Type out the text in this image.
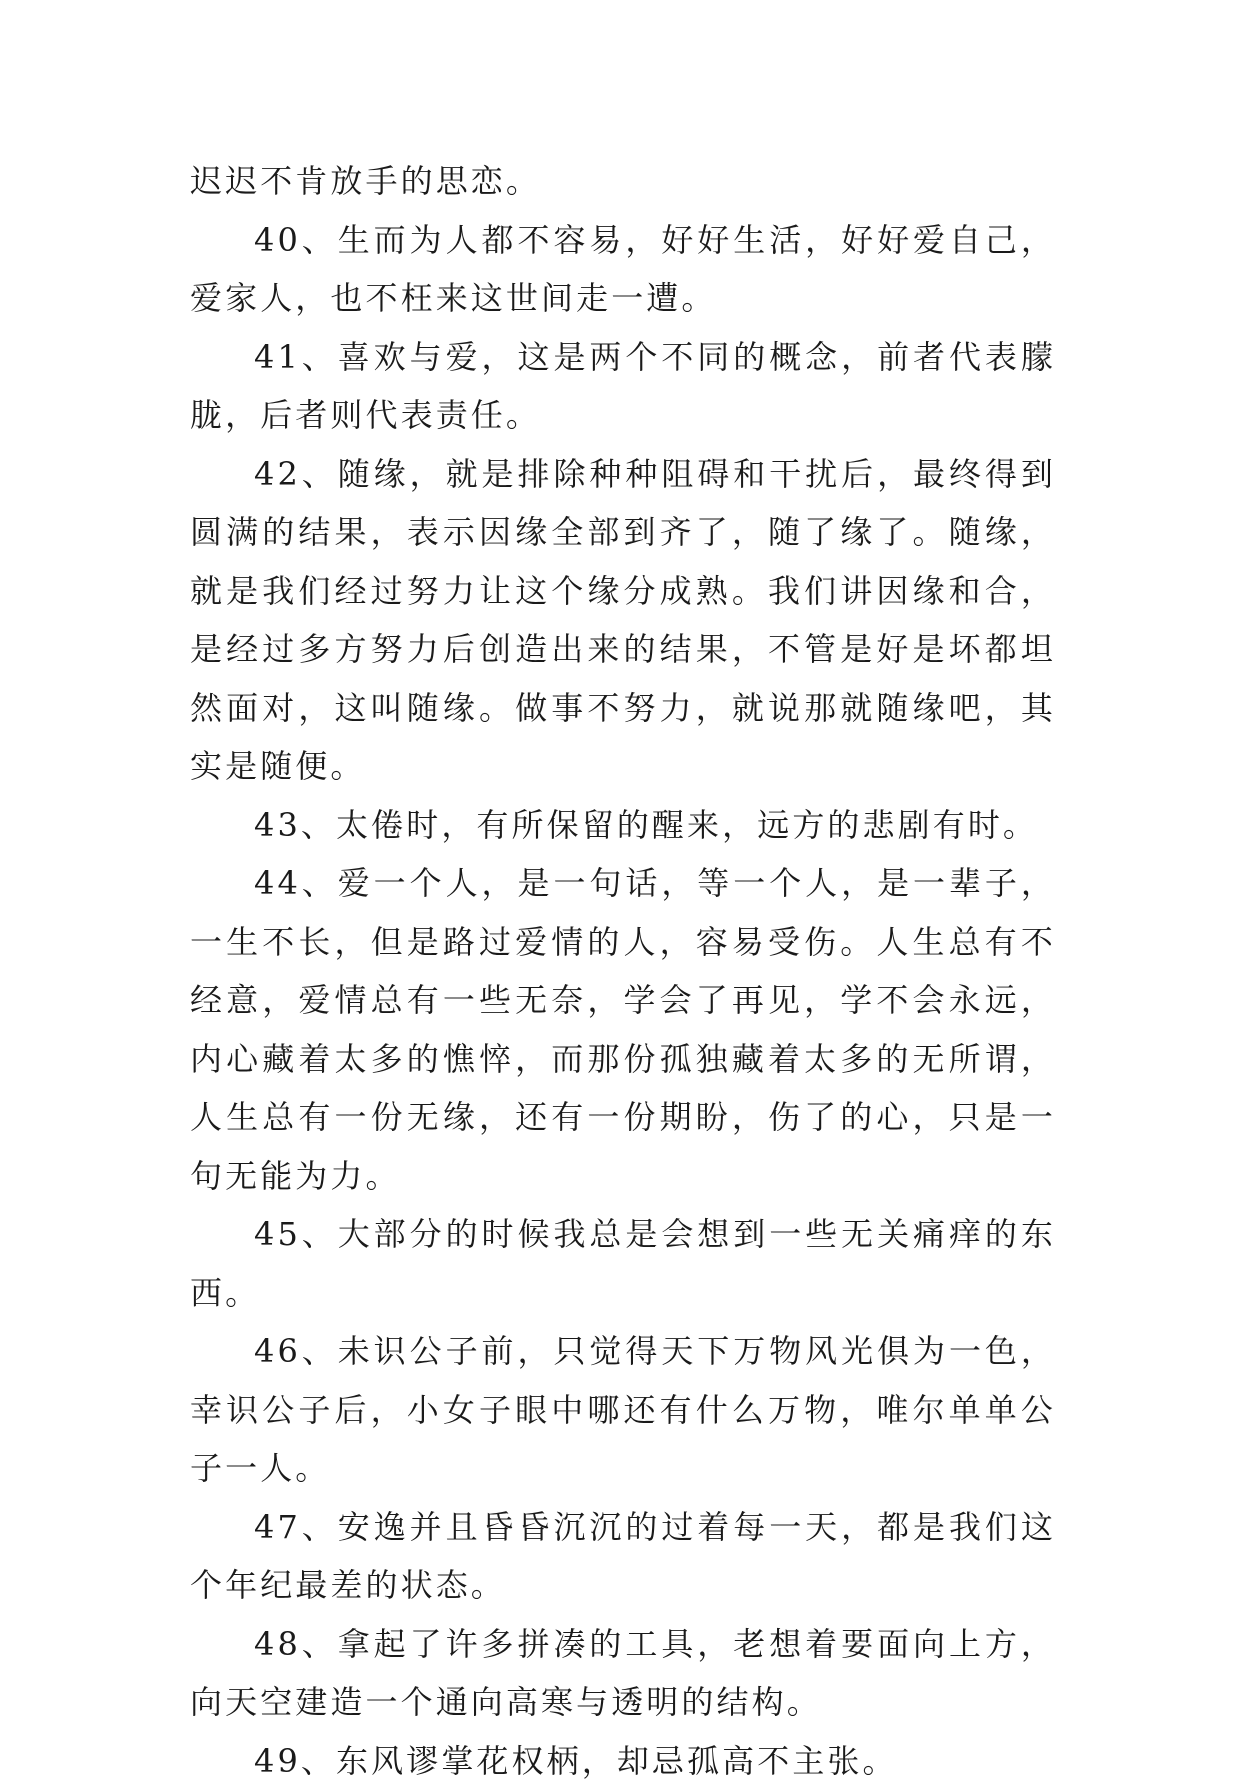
迟迟不肯放手的思恋。

40、生而为人都不容易，好好生活，好好爱自己，爱家人，也不枉来这世间走一遭。

41、喜欢与爱，这是两个不同的概念，前者代表朦胧，后者则代表责任。

42、随缘，就是排除种种阻碍和干扰后，最终得到圆满的结果，表示因缘全部到齐了，随了缘了。随缘，就是我们经过努力让这个缘分成熟。我们讲因缘和合，是经过多方努力后创造出来的结果，不管是好是坏都坦然面对，这叫随缘。做事不努力，就说那就随缘吧，其实是随便。

43、太倦时，有所保留的醒来，远方的悲剧有时。

44、爱一个人，是一句话，等一个人，是一辈子，一生不长，但是路过爱情的人，容易受伤。人生总有不经意，爱情总有一些无奈，学会了再见，学不会永远，内心藏着太多的憔悴，而那份孤独藏着太多的无所谓，人生总有一份无缘，还有一份期盼，伤了的心，只是一句无能为力。

45、大部分的时候我总是会想到一些无关痛痒的东西。

46、未识公子前，只觉得天下万物风光俱为一色，幸识公子后，小女子眼中哪还有什么万物，唯尔单单公子一人。

47、安逸并且昏昏沉沉的过着每一天，都是我们这个年纪最差的状态。

48、拿起了许多拼凑的工具，老想着要面向上方，向天空建造一个通向高寒与透明的结构。

49、东风谬掌花权柄，却忌孤高不主张。
